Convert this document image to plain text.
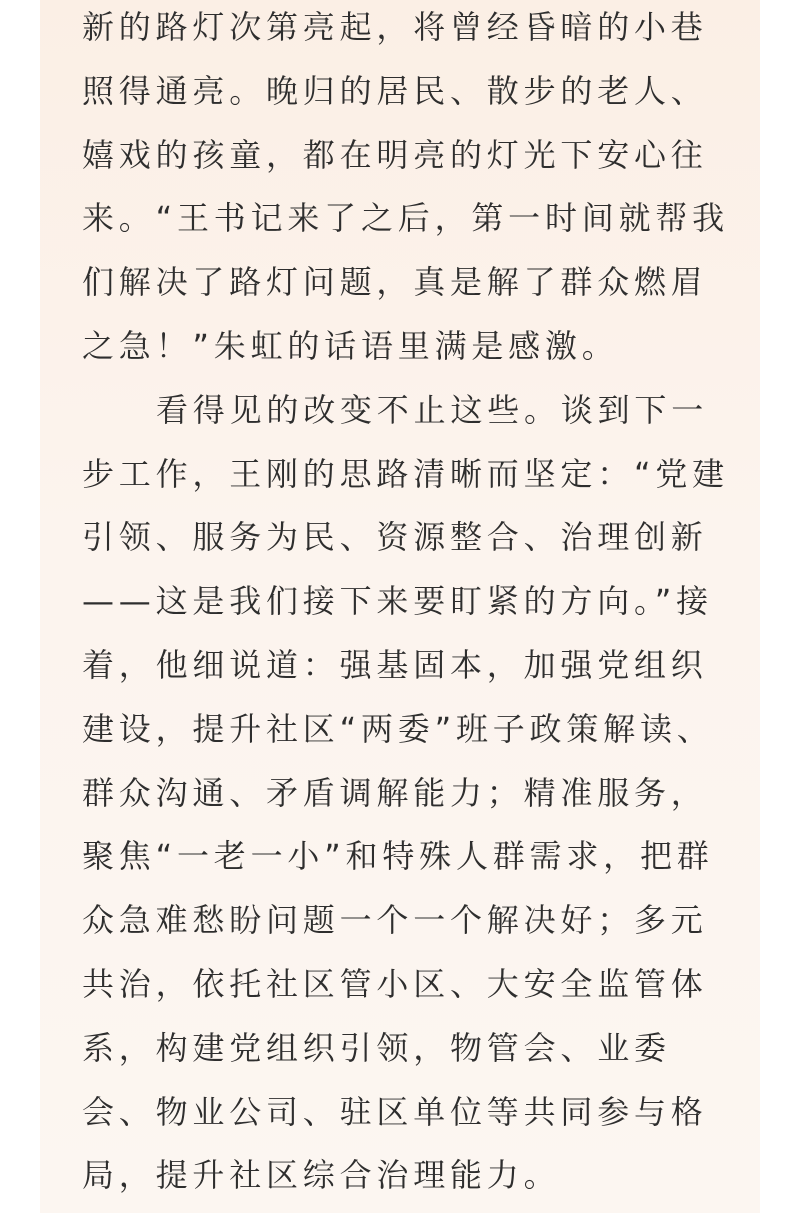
新的路灯次第亮起，将曾经昏暗的小巷
照得通亮。晚归的居民、散步的老人、
嬉戏的孩童，都在明亮的灯光下安心往
来。“王书记来了之后，第一时间就帮我
们解决了路灯问题，真是解了群众燃眉
之急！”朱虹的话语里满是感激。
看得见的改变不止这些。谈到下一
步工作，王刚的思路清晰而坚定：“党建
引领、服务为民、资源整合、治理创新
——这是我们接下来要盯紧的方向。”接
着，他细说道：强基固本，加强党组织
建设，提升社区“两委”班子政策解读、
群众沟通、矛盾调解能力；精准服务，
聚焦“一老一小”和特殊人群需求，把群
众急难愁盼问题一个一个解决好；多元
共治，依托社区管小区、大安全监管体
系，构建党组织引领，物管会、业委
会、物业公司、驻区单位等共同参与格
局，提升社区综合治理能力。
